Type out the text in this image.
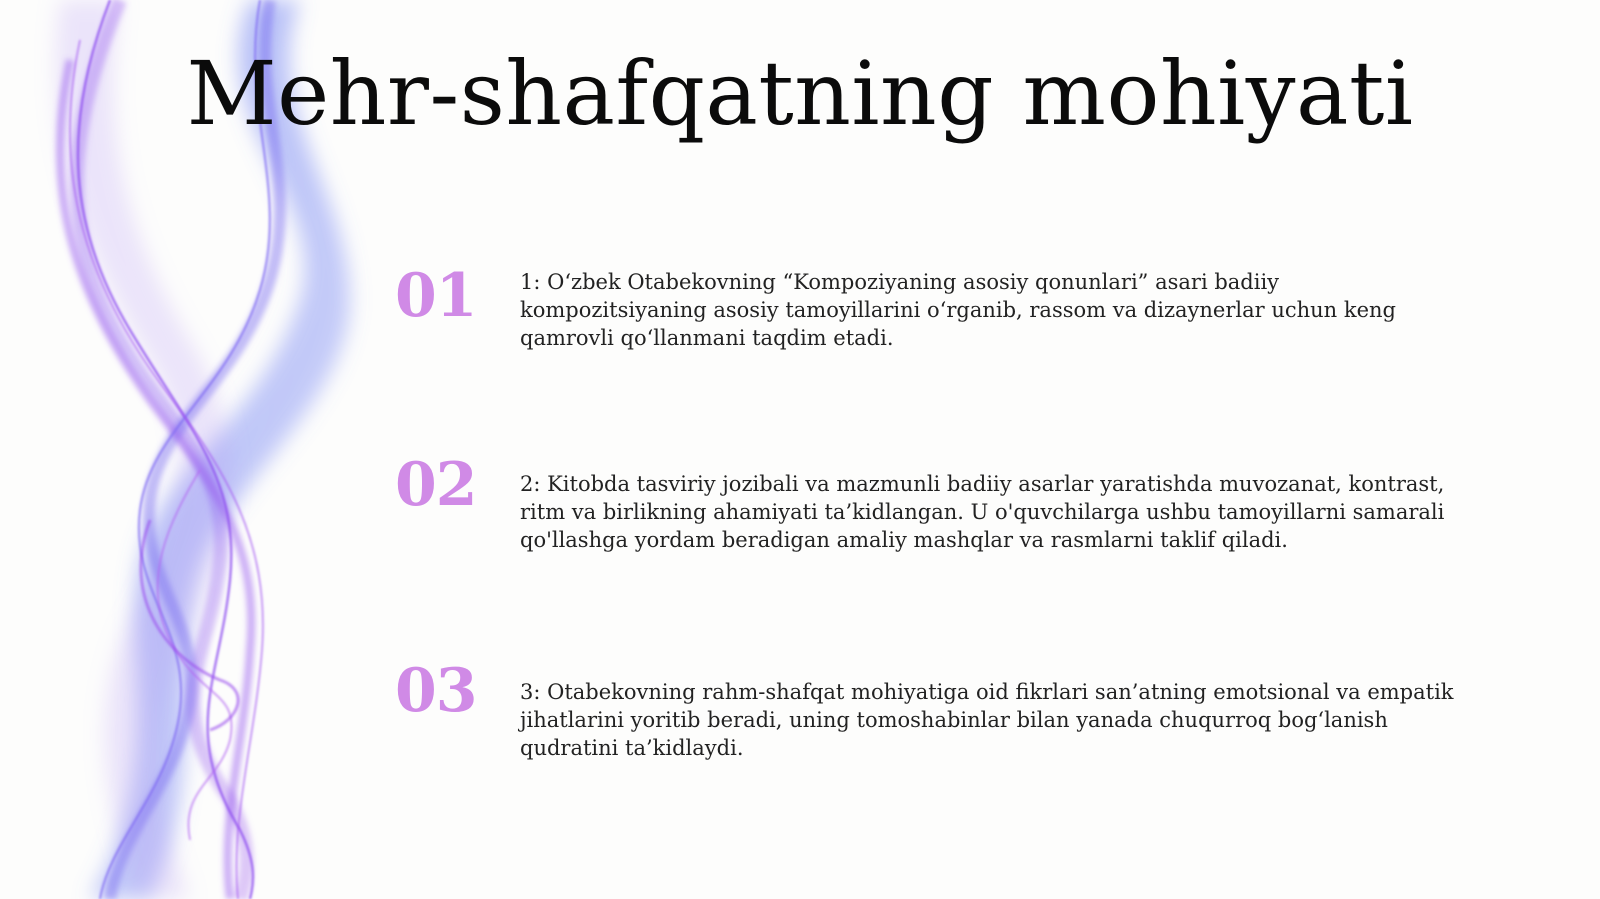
Mehr-shafqatning mohiyati
01 1: O‘zbek Otabekovning “Kompoziyaning asosiy qonunlari” asari badiiy kompozitsiyaning asosiy tamoyillarini o‘rganib, rassom va dizaynerlar uchun keng qamrovli qo‘llanmani taqdim etadi.
02 2: Kitobda tasviriy jozibali va mazmunli badiiy asarlar yaratishda muvozanat, kontrast, ritm va birlikning ahamiyati ta’kidlangan. U o'quvchilarga ushbu tamoyillarni samarali qo'llashga yordam beradigan amaliy mashqlar va rasmlarni taklif qiladi.
03 3: Otabekovning rahm-shafqat mohiyatiga oid fikrlari san’atning emotsional va empatik jihatlarini yoritib beradi, uning tomoshabinlar bilan yanada chuqurroq bog‘lanish qudratini ta’kidlaydi.
